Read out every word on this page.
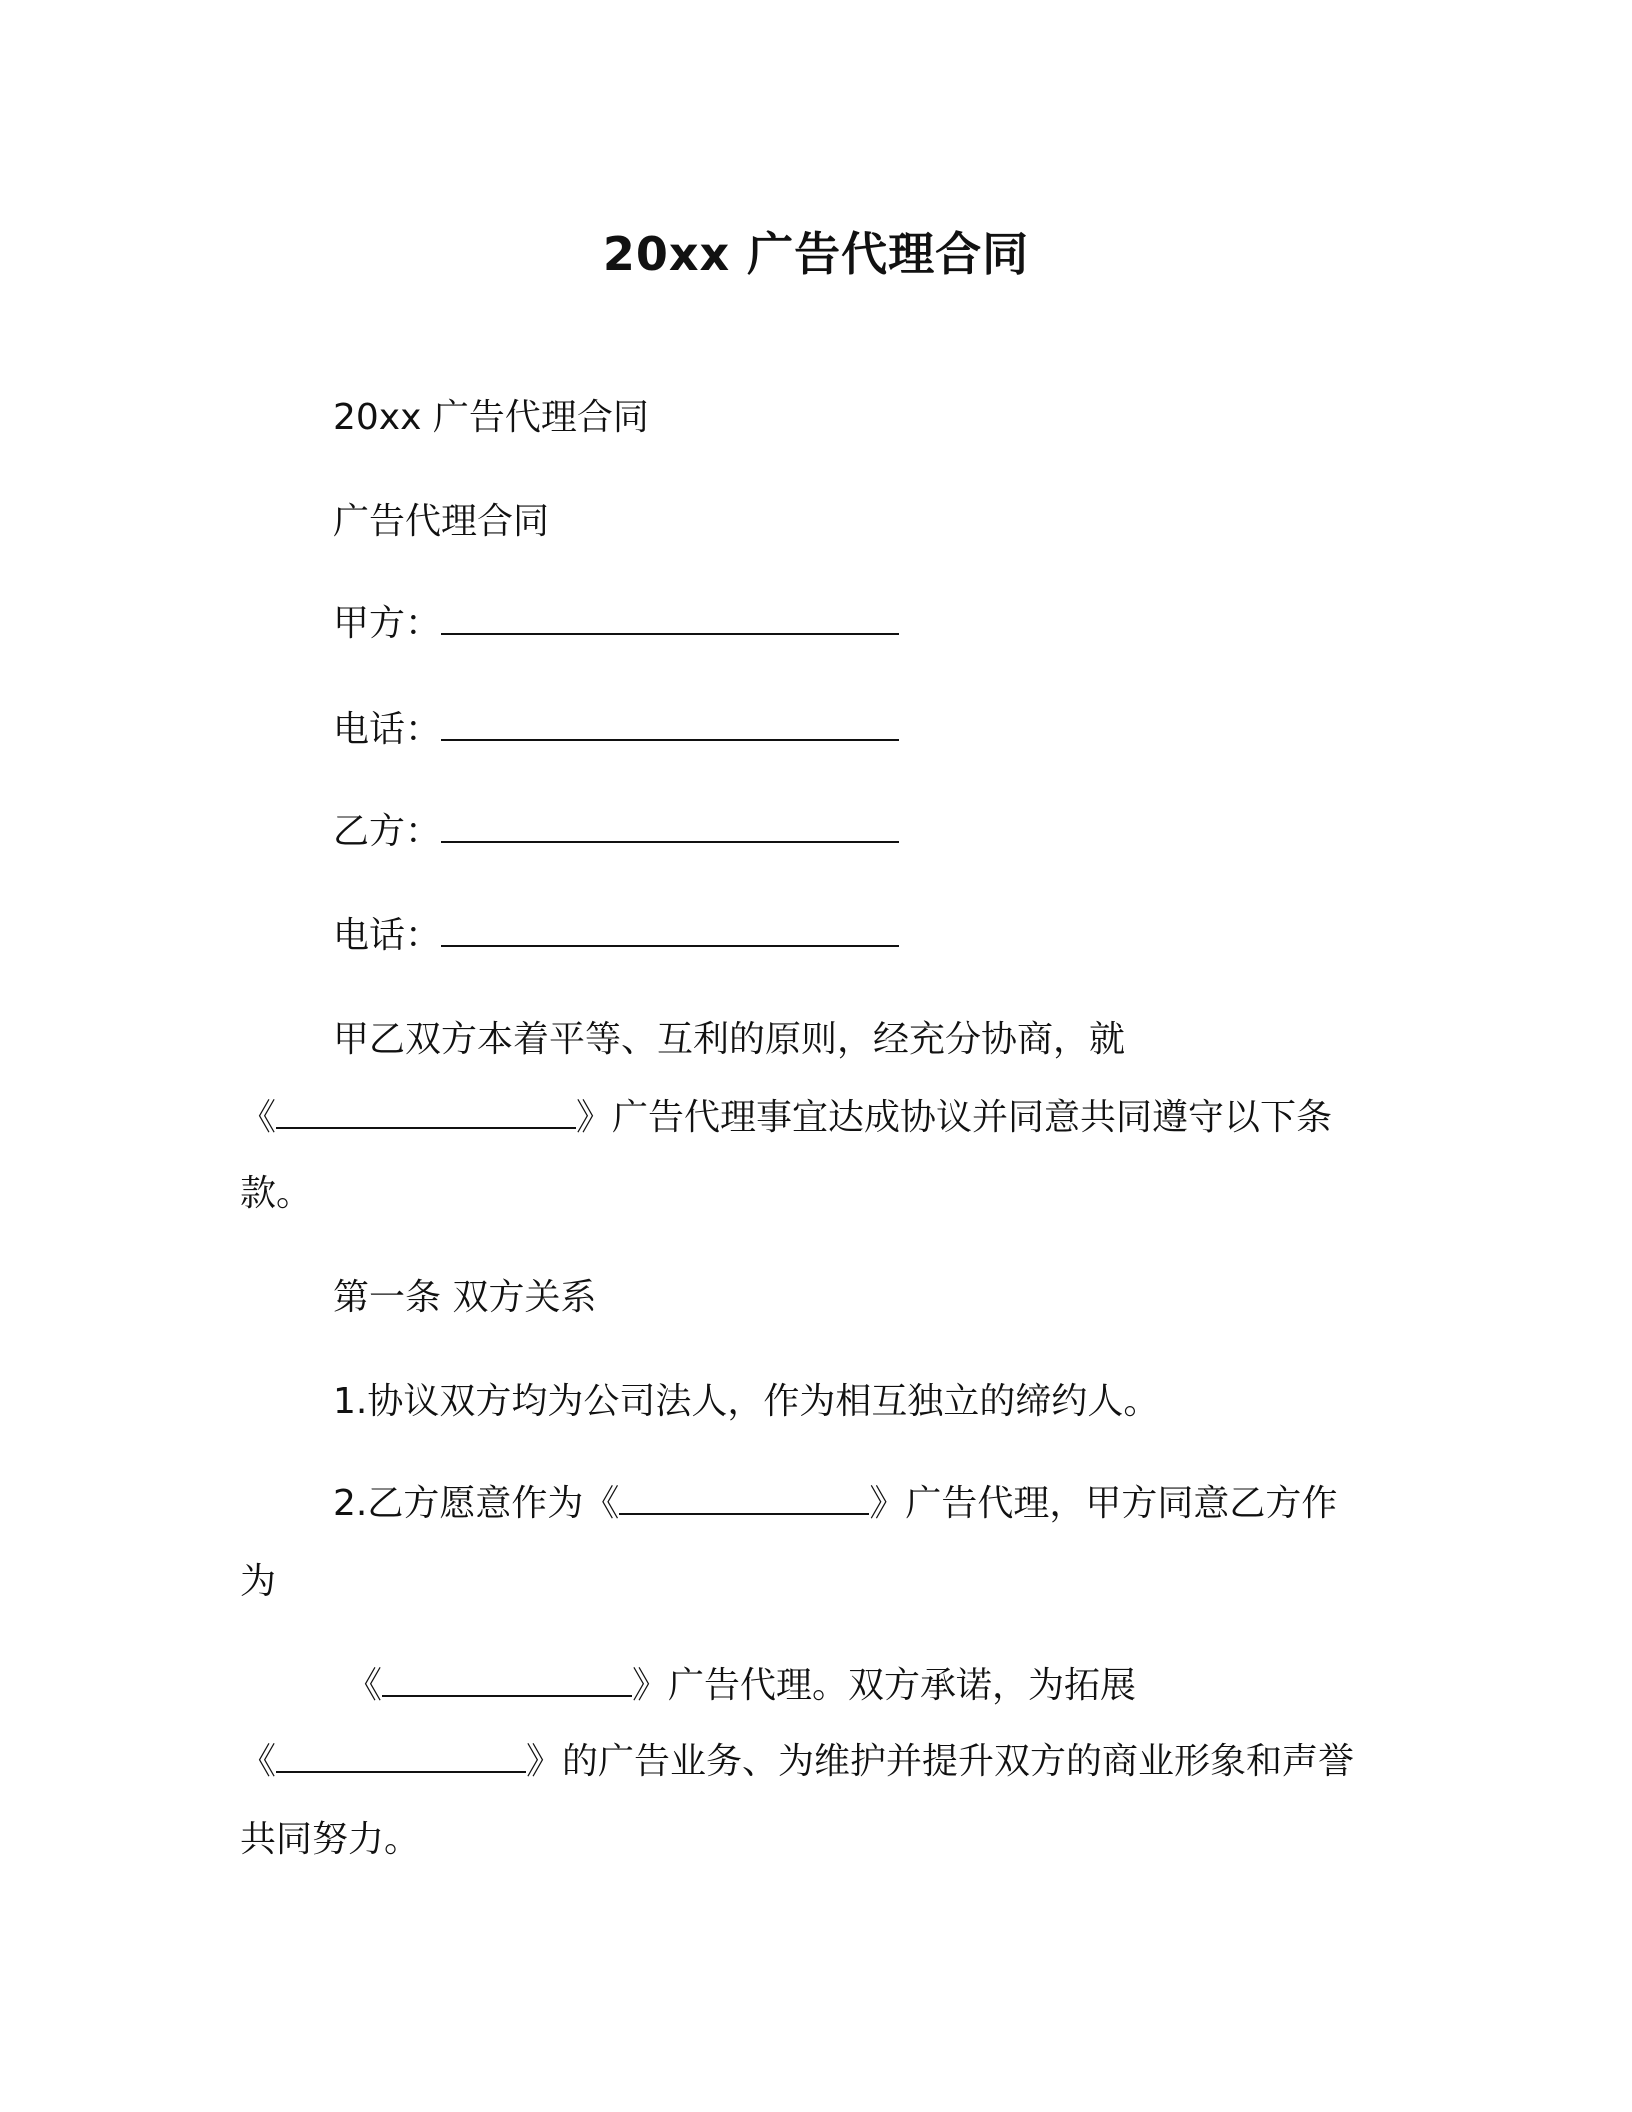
20xx 广告代理合同
20xx 广告代理合同
广告代理合同
甲方：
电话：
乙方：
电话：
甲乙双方本着平等、互利的原则，经充分协商，就
《	》广告代理事宜达成协议并同意共同遵守以下条
款。
第一条 双方关系
1.协议双方均为公司法人，作为相互独立的缔约人。
2.乙方愿意作为《	》广告代理，甲方同意乙方作
为
《	》广告代理。双方承诺，为拓展
《	》的广告业务、为维护并提升双方的商业形象和声誉
共同努力。
